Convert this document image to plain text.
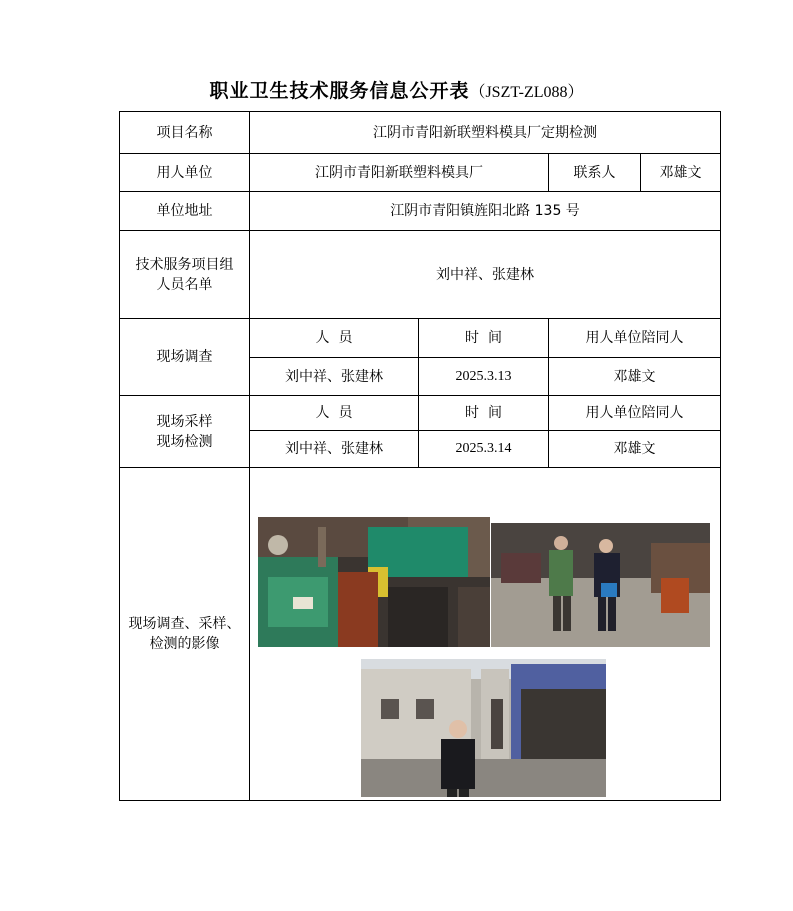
职业卫生技术服务信息公开表（JSZT-ZL088）
项目名称	江阴市青阳新联塑料模具厂定期检测			
用人单位	江阴市青阳新联塑料模具厂		联系人	邓雄文
单位地址	江阴市青阳镇旌阳北路 135 号			
技术服务项目组人员名单	刘中祥、张建林			
现场调查	人  员	时  间	用人单位陪同人	
	刘中祥、张建林	2025.3.13	邓雄文	

现场采样
现场检测	人  员	时  间	用人单位陪同人	
	刘中祥、张建林	2025.3.14	邓雄文	
现场调查、采样、检测的影像	
